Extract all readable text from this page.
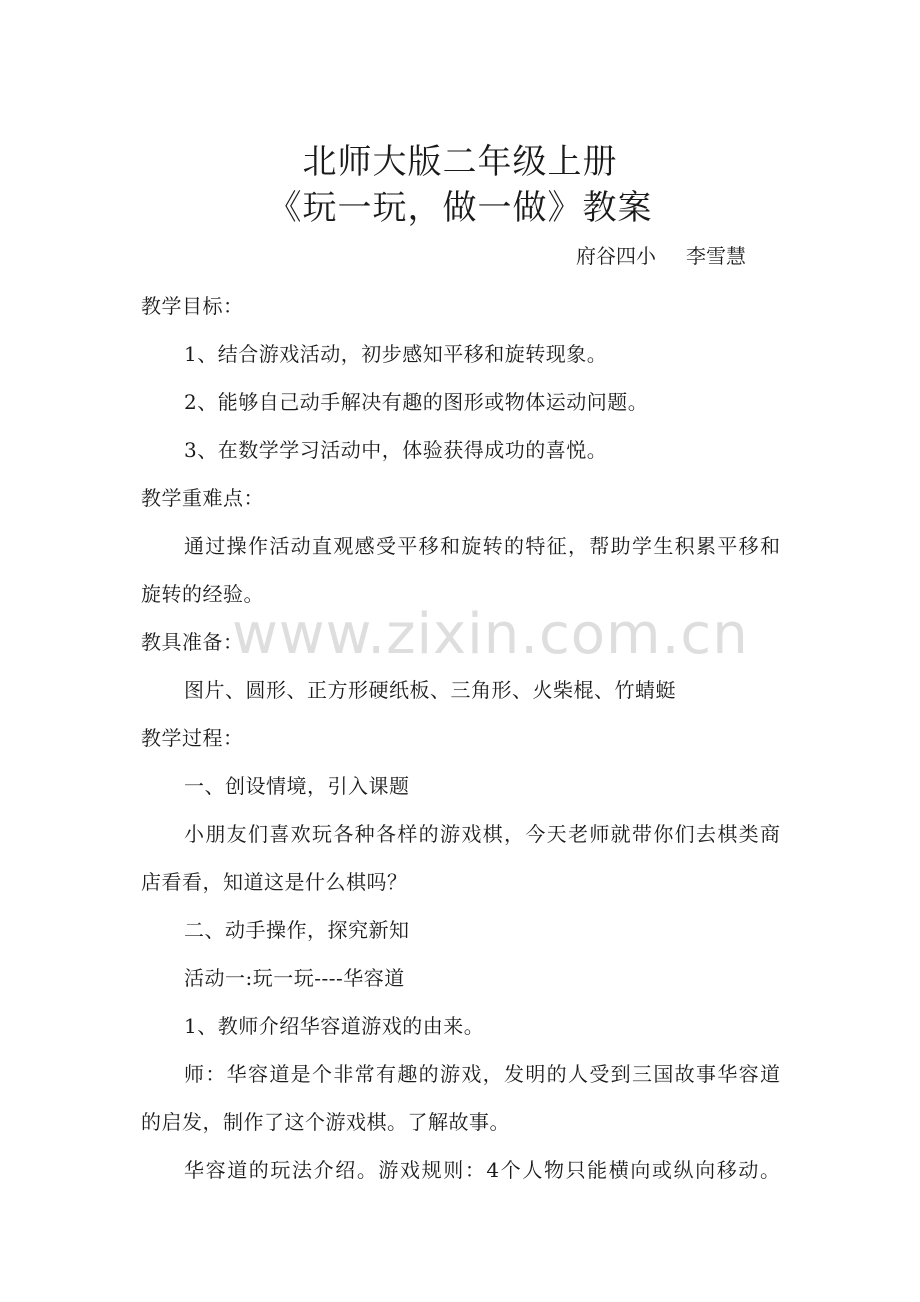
北师大版二年级上册
《玩一玩，做一做》教案
府谷四小 李雪慧
教学目标：
1、结合游戏活动，初步感知平移和旋转现象。
2、能够自己动手解决有趣的图形或物体运动问题。
3、在数学学习活动中，体验获得成功的喜悦。
教学重难点：
通过操作活动直观感受平移和旋转的特征，帮助学生积累平移和
旋转的经验。
教具准备：
图片、圆形、正方形硬纸板、三角形、火柴棍、竹蜻蜓
教学过程：
一、创设情境，引入课题
小朋友们喜欢玩各种各样的游戏棋，今天老师就带你们去棋类商
店看看，知道这是什么棋吗？
二、动手操作，探究新知
活动一:玩一玩----华容道
1、教师介绍华容道游戏的由来。
师：华容道是个非常有趣的游戏，发明的人受到三国故事华容道
的启发，制作了这个游戏棋。了解故事。
华容道的玩法介绍。游戏规则：4个人物只能横向或纵向移动。
www.zixin.com.cn
